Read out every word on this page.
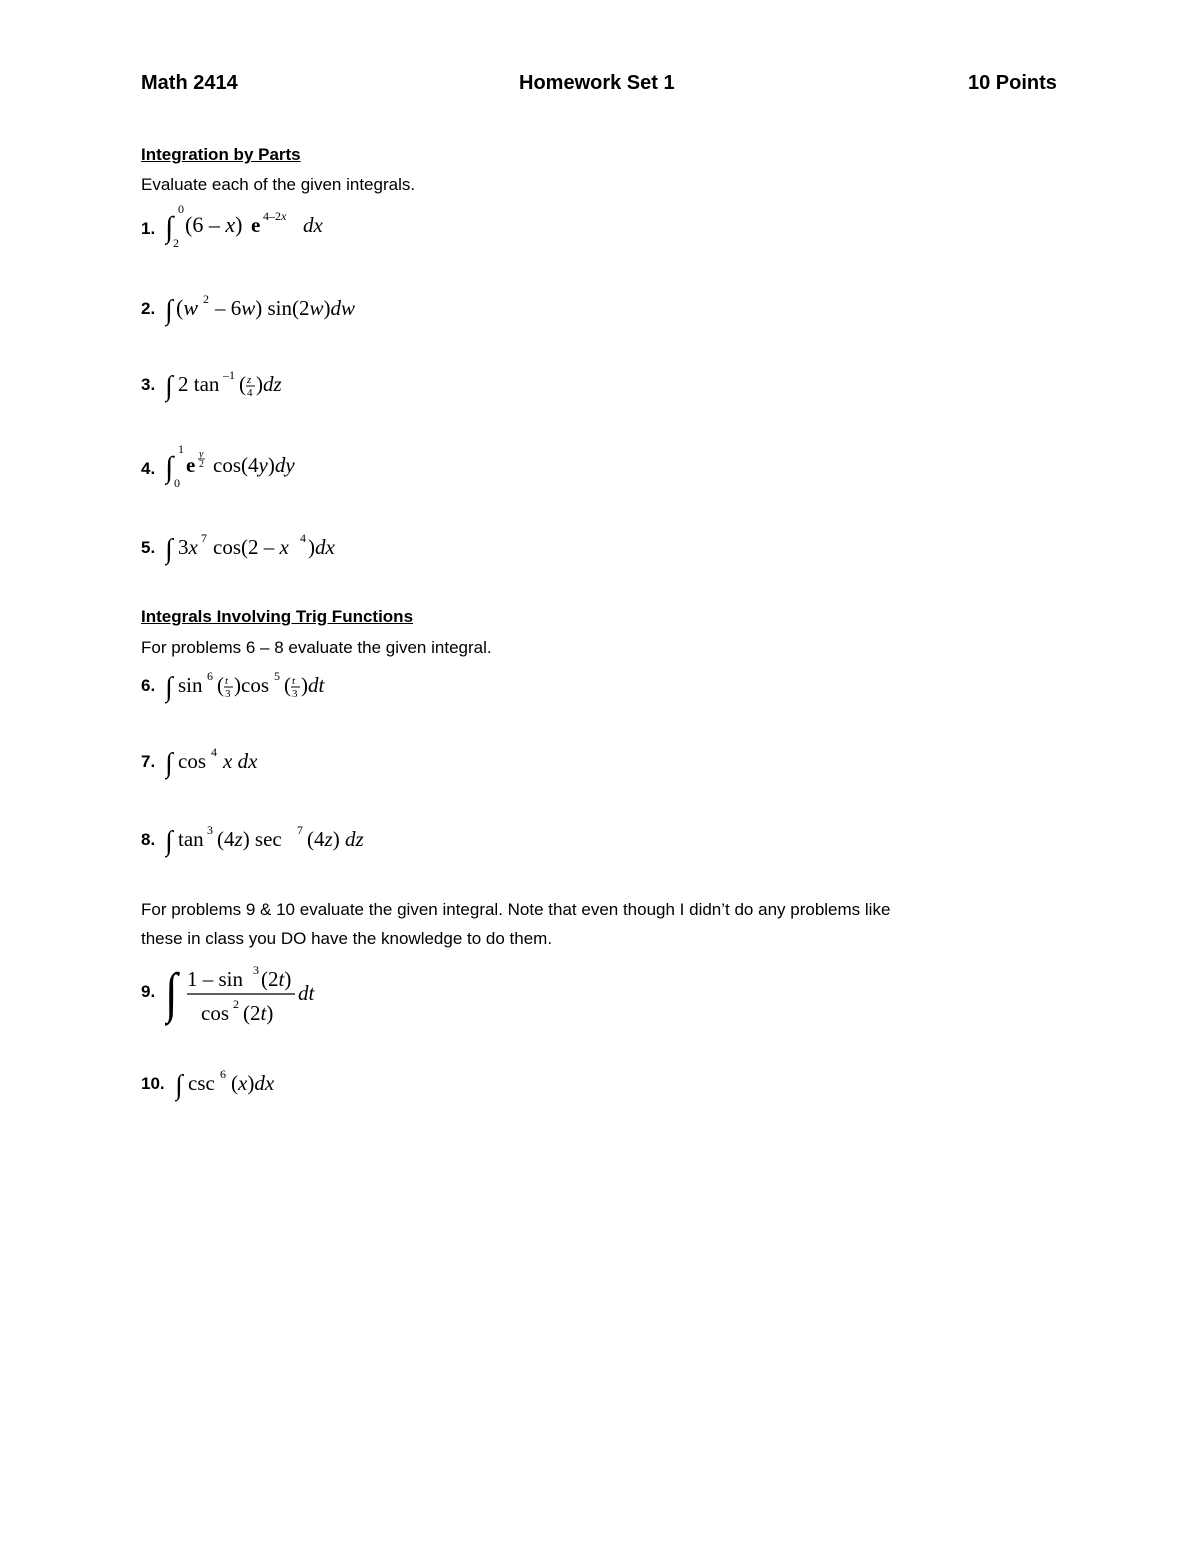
Math 2414	Homework Set 1	10 Points
Integration by Parts
Evaluate each of the given integrals.
1. ∫
0
2
(6 – x) e 4–2x dx
2. ∫ (w 2 – 6w) sin(2w)dw
3. ∫ 2 tan –1 ( z
4 )dz
4. ∫
1
0
e y
2 cos(4y)dy
5. ∫ 3x 7 cos(2 – x 4 )dx
Integrals Involving Trig Functions
For problems 6 – 8 evaluate the given integral.
6. ∫ sin 6 ( t
3 )cos 5 ( t
3 )dt
7. ∫ cos 4 x dx
8. ∫ tan 3 (4z) sec 7 (4z) dz
For problems 9 & 10 evaluate the given integral. Note that even though I didn’t do any problems like
these in class you DO have the knowledge to do them.
9. ∫ 1 – sin 3 (2t)
cos 2 (2t)
dt
10. ∫ csc 6 (x)dx
